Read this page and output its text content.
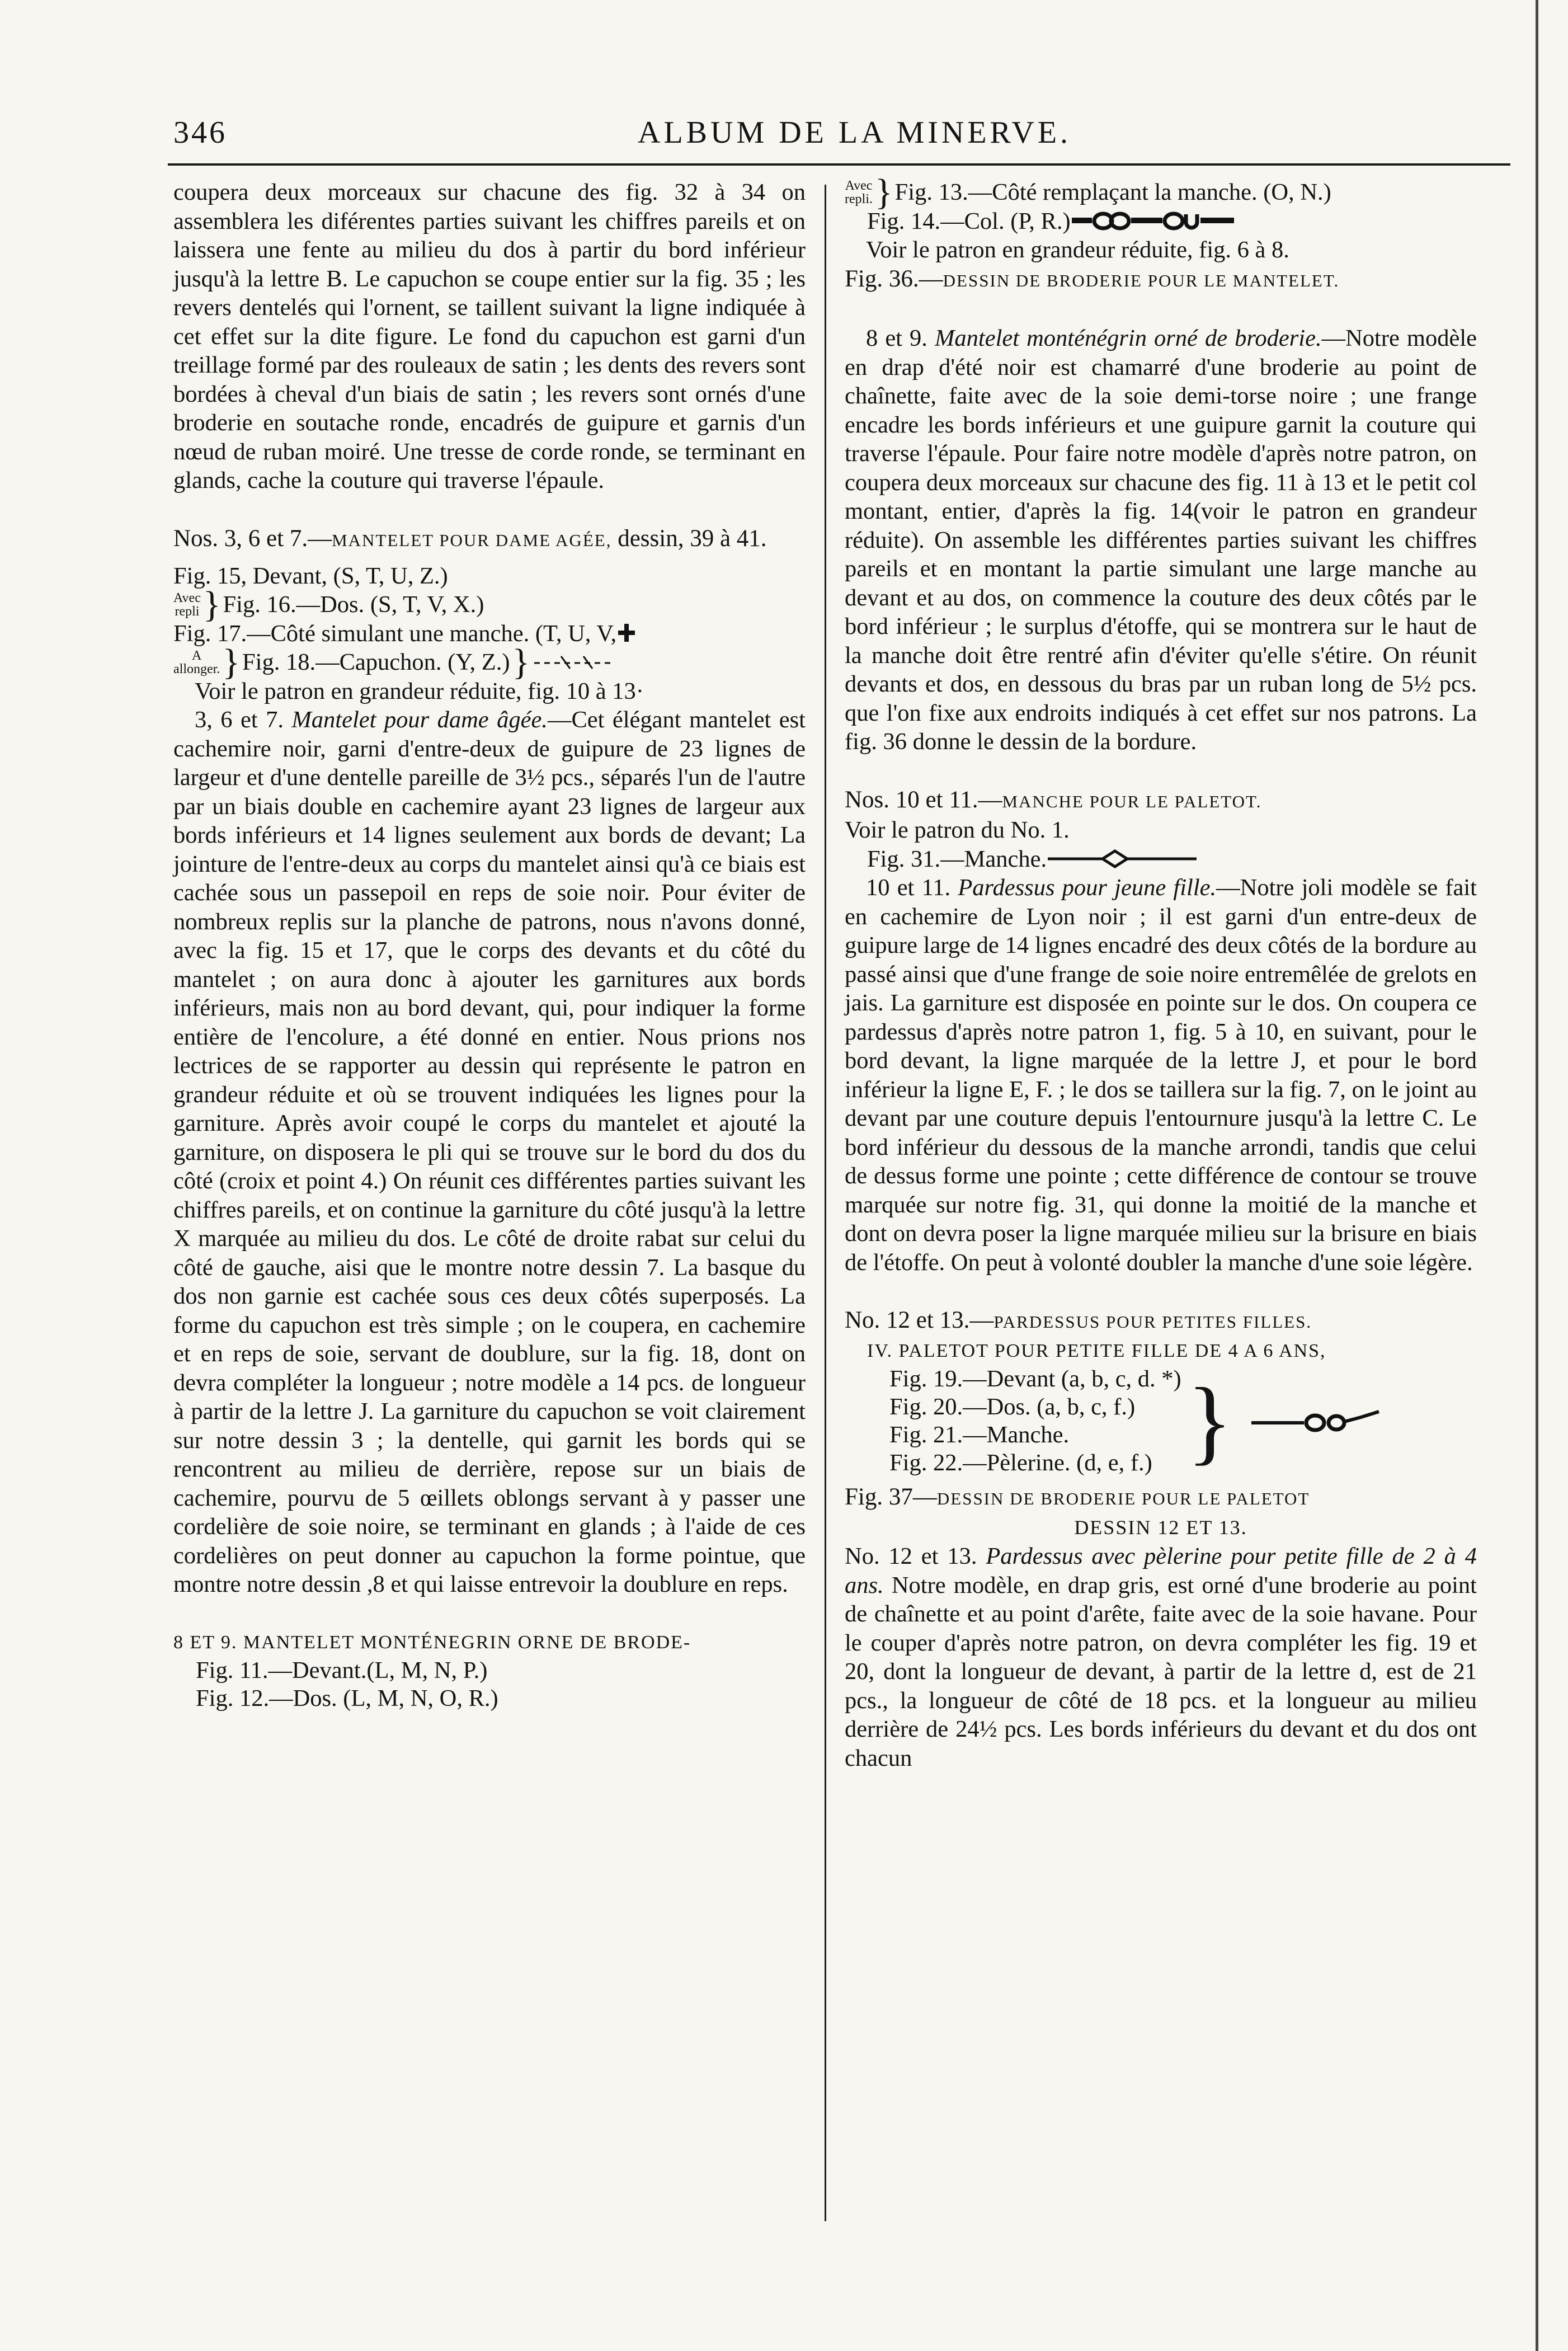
346	ALBUM DE LA MINERVE.

coupera deux morceaux sur chacune des fig. 32 à 34 on assemblera les diférentes parties suivant les chiffres pareils et on laissera une fente au milieu du dos à partir du bord inférieur jusqu'à la lettre B. Le capuchon se coupe entier sur la fig. 35 ; les revers dentelés qui l'ornent, se taillent suivant la ligne indiquée à cet effet sur la dite figure. Le fond du capuchon est garni d'un treillage formé par des rouleaux de satin ; les dents des revers sont bordées à cheval d'un biais de satin ; les revers sont ornés d'une broderie en soutache ronde, encadrés de guipure et garnis d'un nœud de ruban moiré. Une tresse de corde ronde, se terminant en glands, cache la couture qui traverse l'épaule.

Nos. 3, 6 et 7.—MANTELET POUR DAME AGÉE, dessin, 39 à 41.

Fig. 15, Devant, (S, T, U, Z.)

Avec
repli } Fig. 16.—Dos. (S, T, V, X.)
Fig. 17.—Côté simulant une manche. (T, U, V,
A
allonger. } Fig. 18.—Capuchon. (Y, Z.) }

Voir le patron en grandeur réduite, fig. 10 à 13·

3, 6 et 7. Mantelet pour dame âgée.—Cet élégant mantelet est cachemire noir, garni d'entre-deux de guipure de 23 lignes de largeur et d'une dentelle pareille de 3½ pcs., séparés l'un de l'autre par un biais double en cachemire ayant 23 lignes de largeur aux bords inférieurs et 14 lignes seulement aux bords de devant; La jointure de l'entre-deux au corps du mantelet ainsi qu'à ce biais est cachée sous un passepoil en reps de soie noir. Pour éviter de nombreux replis sur la planche de patrons, nous n'avons donné, avec la fig. 15 et 17, que le corps des devants et du côté du mantelet ; on aura donc à ajouter les garnitures aux bords inférieurs, mais non au bord devant, qui, pour indiquer la forme entière de l'encolure, a été donné en entier. Nous prions nos lectrices de se rapporter au dessin qui représente le patron en grandeur réduite et où se trouvent indiquées les lignes pour la garniture. Après avoir coupé le corps du mantelet et ajouté la garniture, on disposera le pli qui se trouve sur le bord du dos du côté (croix et point 4.) On réunit ces différentes parties suivant les chiffres pareils, et on continue la garniture du côté jusqu'à la lettre X marquée au milieu du dos. Le côté de droite rabat sur celui du côté de gauche, aisi que le montre notre dessin 7. La basque du dos non garnie est cachée sous ces deux côtés superposés. La forme du capuchon est très simple ; on le coupera, en cachemire et en reps de soie, servant de doublure, sur la fig. 18, dont on devra compléter la longueur ; notre modèle a 14 pcs. de longueur à partir de la lettre J. La garniture du capuchon se voit clairement sur notre dessin 3 ; la dentelle, qui garnit les bords qui se rencontrent au milieu de derrière, repose sur un biais de cachemire, pourvu de 5 œillets oblongs servant à y passer une cordelière de soie noire, se terminant en glands ; à l'aide de ces cordelières on peut donner au capuchon la forme pointue, que montre notre dessin ,8 et qui laisse entrevoir la doublure en reps.

8 ET 9. MANTELET MONTÉNEGRIN ORNE DE BRODE-

Fig. 11.—Devant.(L, M, N, P.)

Fig. 12.—Dos. (L, M, N, O, R.)

Avec
repli. } Fig. 13.—Côté remplaçant la manche. (O, N.)
Fig. 14.—Col. (P, R.)

Voir le patron en grandeur réduite, fig. 6 à 8.

Fig. 36.—DESSIN DE BRODERIE POUR LE MANTELET.

8 et 9. Mantelet monténégrin orné de broderie.—Notre modèle en drap d'été noir est chamarré d'une broderie au point de chaînette, faite avec de la soie demi-torse noire ; une frange encadre les bords inférieurs et une guipure garnit la couture qui traverse l'épaule. Pour faire notre modèle d'après notre patron, on coupera deux morceaux sur chacune des fig. 11 à 13 et le petit col montant, entier, d'après la fig. 14(voir le patron en grandeur réduite). On assemble les différentes parties suivant les chiffres pareils et en montant la partie simulant une large manche au devant et au dos, on commence la couture des deux côtés par le bord inférieur ; le surplus d'étoffe, qui se montrera sur le haut de la manche doit être rentré afin d'éviter qu'elle s'étire. On réunit devants et dos, en dessous du bras par un ruban long de 5½ pcs. que l'on fixe aux endroits indiqués à cet effet sur nos patrons. La fig. 36 donne le dessin de la bordure.

Nos. 10 et 11.—MANCHE POUR LE PALETOT.

Voir le patron du No. 1.

Fig. 31.—Manche.

10 et 11. Pardessus pour jeune fille.—Notre joli modèle se fait en cachemire de Lyon noir ; il est garni d'un entre-deux de guipure large de 14 lignes encadré des deux côtés de la bordure au passé ainsi que d'une frange de soie noire entremêlée de grelots en jais. La garniture est disposée en pointe sur le dos. On coupera ce pardessus d'après notre patron 1, fig. 5 à 10, en suivant, pour le bord devant, la ligne marquée de la lettre J, et pour le bord inférieur la ligne E, F. ; le dos se taillera sur la fig. 7, on le joint au devant par une couture depuis l'entournure jusqu'à la lettre C. Le bord inférieur du dessous de la manche arrondi, tandis que celui de dessus forme une pointe ; cette différence de contour se trouve marquée sur notre fig. 31, qui donne la moitié de la manche et dont on devra poser la ligne marquée milieu sur la brisure en biais de l'étoffe. On peut à volonté doubler la manche d'une soie légère.

No. 12 et 13.—PARDESSUS POUR PETITES FILLES.

IV. PALETOT POUR PETITE FILLE DE 4 A 6 ANS,

Fig. 19.—Devant (a, b, c, d. *)

Fig. 20.—Dos. (a, b, c, f.)

Fig. 21.—Manche.

Fig. 22.—Pèlerine. (d, e, f.) }

Fig. 37—DESSIN DE BRODERIE POUR LE PALETOT

DESSIN 12 ET 13.

No. 12 et 13. Pardessus avec pèlerine pour petite fille de 2 à 4 ans. Notre modèle, en drap gris, est orné d'une broderie au point de chaînette et au point d'arête, faite avec de la soie havane. Pour le couper d'après notre patron, on devra compléter les fig. 19 et 20, dont la longueur de devant, à partir de la lettre d, est de 21 pcs., la longueur de côté de 18 pcs. et la longueur au milieu derrière de 24½ pcs. Les bords inférieurs du devant et du dos ont chacun
